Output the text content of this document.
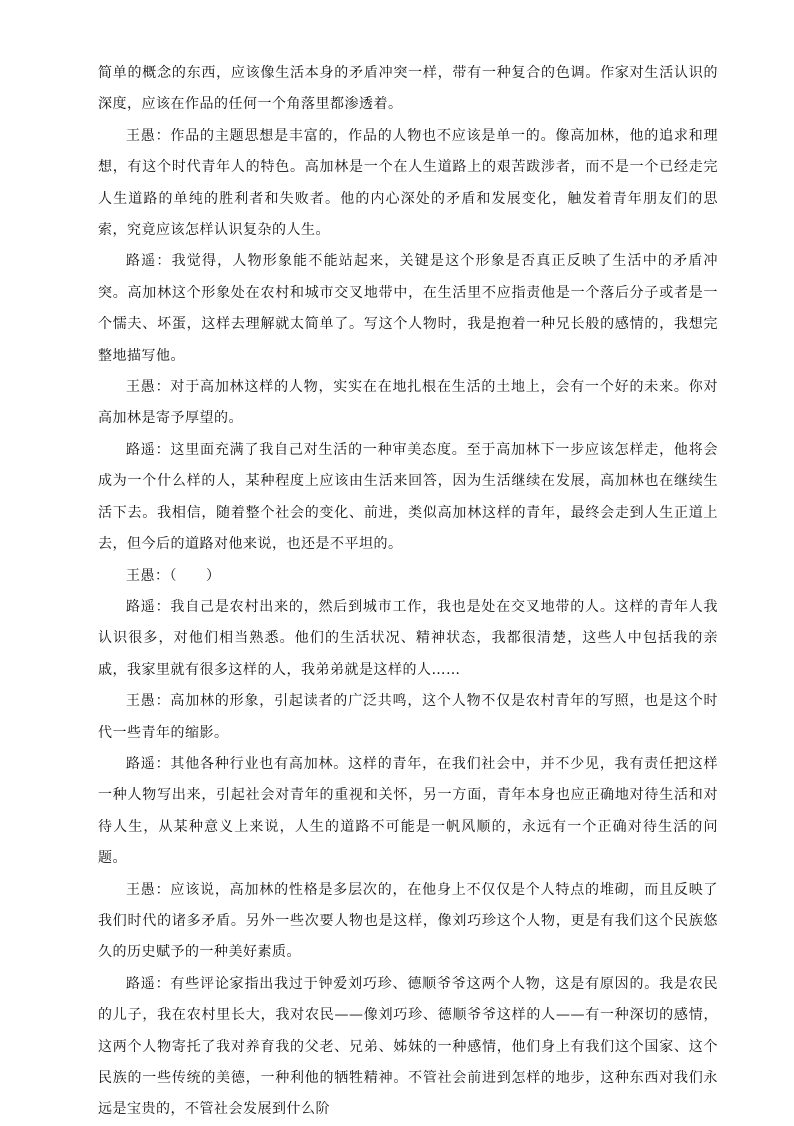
简单的概念的东西，应该像生活本身的矛盾冲突一样，带有一种复合的色调。作家对生活认识的深度，应该在作品的任何一个角落里都渗透着。

王愚：作品的主题思想是丰富的，作品的人物也不应该是单一的。像高加林，他的追求和理想，有这个时代青年人的特色。高加林是一个在人生道路上的艰苦跋涉者，而不是一个已经走完人生道路的单纯的胜利者和失败者。他的内心深处的矛盾和发展变化，触发着青年朋友们的思索，究竟应该怎样认识复杂的人生。

路遥：我觉得，人物形象能不能站起来，关键是这个形象是否真正反映了生活中的矛盾冲突。高加林这个形象处在农村和城市交叉地带中，在生活里不应指责他是一个落后分子或者是一个懦夫、坏蛋，这样去理解就太简单了。写这个人物时，我是抱着一种兄长般的感情的，我想完整地描写他。

王愚：对于高加林这样的人物，实实在在地扎根在生活的土地上，会有一个好的未来。你对高加林是寄予厚望的。

路遥：这里面充满了我自己对生活的一种审美态度。至于高加林下一步应该怎样走，他将会成为一个什么样的人，某种程度上应该由生活来回答，因为生活继续在发展，高加林也在继续生活下去。我相信，随着整个社会的变化、前进，类似高加林这样的青年，最终会走到人生正道上去，但今后的道路对他来说，也还是不平坦的。

王愚：（　　）

路遥：我自己是农村出来的，然后到城市工作，我也是处在交叉地带的人。这样的青年人我认识很多，对他们相当熟悉。他们的生活状况、精神状态，我都很清楚，这些人中包括我的亲戚，我家里就有很多这样的人，我弟弟就是这样的人……

王愚：高加林的形象，引起读者的广泛共鸣，这个人物不仅是农村青年的写照，也是这个时代一些青年的缩影。

路遥：其他各种行业也有高加林。这样的青年，在我们社会中，并不少见，我有责任把这样一种人物写出来，引起社会对青年的重视和关怀，另一方面，青年本身也应正确地对待生活和对待人生，从某种意义上来说，人生的道路不可能是一帆风顺的，永远有一个正确对待生活的问题。

王愚：应该说，高加林的性格是多层次的，在他身上不仅仅是个人特点的堆砌，而且反映了我们时代的诸多矛盾。另外一些次要人物也是这样，像刘巧珍这个人物，更是有我们这个民族悠久的历史赋予的一种美好素质。

路遥：有些评论家指出我过于钟爱刘巧珍、德顺爷爷这两个人物，这是有原因的。我是农民的儿子，我在农村里长大，我对农民——像刘巧珍、德顺爷爷这样的人——有一种深切的感情，这两个人物寄托了我对养育我的父老、兄弟、姊妹的一种感情，他们身上有我们这个国家、这个民族的一些传统的美德，一种利他的牺牲精神。不管社会前进到怎样的地步，这种东西对我们永远是宝贵的，不管社会发展到什么阶
